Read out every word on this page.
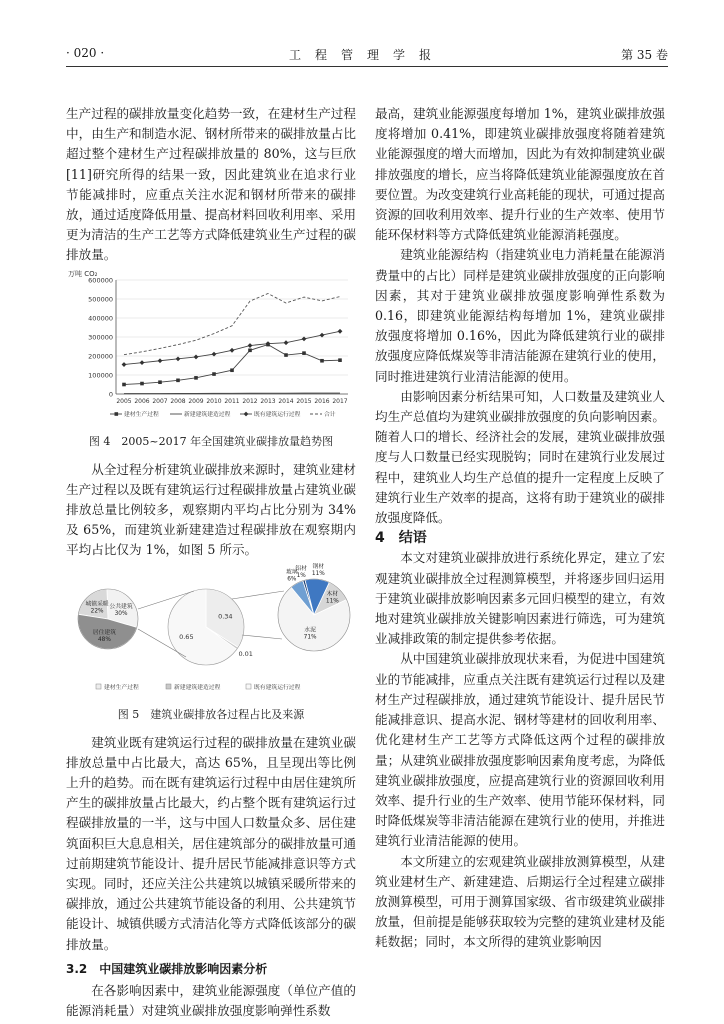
· 020 ·	工程管理学报	第 35 卷

生产过程的碳排放量变化趋势一致，在建材生产过程中，由生产和制造水泥、钢材所带来的碳排放量占比超过整个建材生产过程碳排放量的 80%，这与巨欣[11]研究所得的结果一致，因此建筑业在追求行业节能减排时，应重点关注水泥和钢材所带来的碳排放，通过适度降低用量、提高材料回收利用率、采用更为清洁的生产工艺等方式降低建筑业生产过程的碳排放量。

万吨 CO₂
0
100000
200000
300000
400000
500000
600000
2005 2006 2007 2008 2009 2010 2011 2012 2013 2014 2015 2016 2017
建材生产过程	新建建筑建造过程	既有建筑运行过程	合计

图 4　2005~2017 年全国建筑业碳排放量趋势图

从全过程分析建筑业碳排放来源时，建筑业建材生产过程以及既有建筑运行过程碳排放量占建筑业碳排放总量比例较多，观察期内平均占比分别为 34%及 65%，而建筑业新建建造过程碳排放在观察期内平均占比仅为 1%，如图 5 所示。

0.34
0.01
0.65
城镇采暖
22%
公共建筑
30%
居住建筑
48%
玻璃
6%
铝材
1%
钢材
11%
木材
11%
水泥
71%
建材生产过程	新建建筑建造过程	既有建筑运行过程

图 5　建筑业碳排放各过程占比及来源

建筑业既有建筑运行过程的碳排放量在建筑业碳排放总量中占比最大，高达 65%，且呈现出等比例上升的趋势。而在既有建筑运行过程中由居住建筑所产生的碳排放量占比最大，约占整个既有建筑运行过程碳排放量的一半，这与中国人口数量众多、居住建筑面积巨大息息相关，居住建筑部分的碳排放量可通过前期建筑节能设计、提升居民节能减排意识等方式实现。同时，还应关注公共建筑以城镇采暖所带来的碳排放，通过公共建筑节能设备的利用、公共建筑节能设计、城镇供暖方式清洁化等方式降低该部分的碳排放量。

3.2　中国建筑业碳排放影响因素分析

在各影响因素中，建筑业能源强度（单位产值的能源消耗量）对建筑业碳排放强度影响弹性系数

最高，建筑业能源强度每增加 1%，建筑业碳排放强度将增加 0.41%，即建筑业碳排放强度将随着建筑业能源强度的增大而增加，因此为有效抑制建筑业碳排放强度的增长，应当将降低建筑业能源强度放在首要位置。为改变建筑行业高耗能的现状，可通过提高资源的回收利用效率、提升行业的生产效率、使用节能环保材料等方式降低建筑业能源消耗强度。

建筑业能源结构（指建筑业电力消耗量在能源消费量中的占比）同样是建筑业碳排放强度的正向影响因素，其对于建筑业碳排放强度影响弹性系数为 0.16，即建筑业能源结构每增加 1%，建筑业碳排放强度将增加 0.16%，因此为降低建筑行业的碳排放强度应降低煤炭等非清洁能源在建筑行业的使用，同时推进建筑行业清洁能源的使用。

由影响因素分析结果可知，人口数量及建筑业人均生产总值均为建筑业碳排放强度的负向影响因素。随着人口的增长、经济社会的发展，建筑业碳排放强度与人口数量已经实现脱钩；同时在建筑行业发展过程中，建筑业人均生产总值的提升一定程度上反映了建筑行业生产效率的提高，这将有助于建筑业的碳排放强度降低。

4　结语

本文对建筑业碳排放进行系统化界定，建立了宏观建筑业碳排放全过程测算模型，并将逐步回归运用于建筑业碳排放影响因素多元回归模型的建立，有效地对建筑业碳排放关键影响因素进行筛选，可为建筑业减排政策的制定提供参考依据。

从中国建筑业碳排放现状来看，为促进中国建筑业的节能减排，应重点关注既有建筑运行过程以及建材生产过程碳排放，通过建筑节能设计、提升居民节能减排意识、提高水泥、钢材等建材的回收利用率、优化建材生产工艺等方式降低这两个过程的碳排放量；从建筑业碳排放强度影响因素角度考虑，为降低建筑业碳排放强度，应提高建筑行业的资源回收利用效率、提升行业的生产效率、使用节能环保材料，同时降低煤炭等非清洁能源在建筑行业的使用，并推进建筑行业清洁能源的使用。

本文所建立的宏观建筑业碳排放测算模型，从建筑业建材生产、新建建造、后期运行全过程建立碳排放测算模型，可用于测算国家级、省市级建筑业碳排放量，但前提是能够获取较为完整的建筑业建材及能耗数据；同时，本文所得的建筑业影响因
